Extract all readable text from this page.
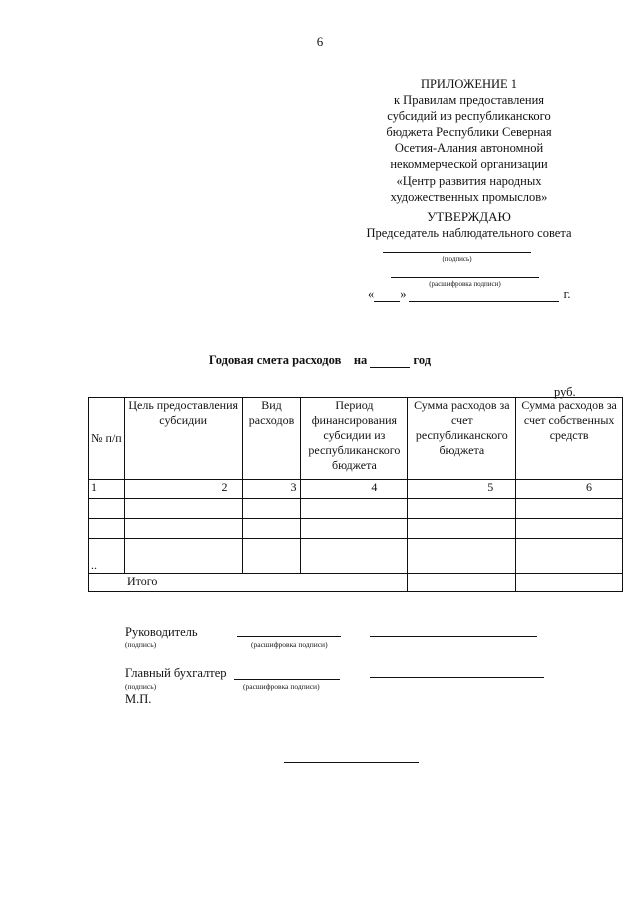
6
ПРИЛОЖЕНИЕ 1
к Правилам предоставления
субсидий из республиканского
бюджета Республики Северная
Осетия-Алания автономной
некоммерческой организации
«Центр развития народных
художественных промыслов»
УТВЕРЖДАЮ
Председатель наблюдательного совета
(подпись)
(расшифровка подписи)
« »	г.
Годовая смета расходов    на	год
руб.
№ п/п	Цель предоставления субсидии	Вид расходов	Период финансирования субсидии из республиканского бюджета	Сумма расходов за счет республиканского бюджета	Сумма расходов за счет собственных средств
1	2	3	4	5	6

..					
Итого					
Руководитель
(подпись)	(расшифровка подписи)
Главный бухгалтер
(подпись)	(расшифровка подписи)
М.П.
